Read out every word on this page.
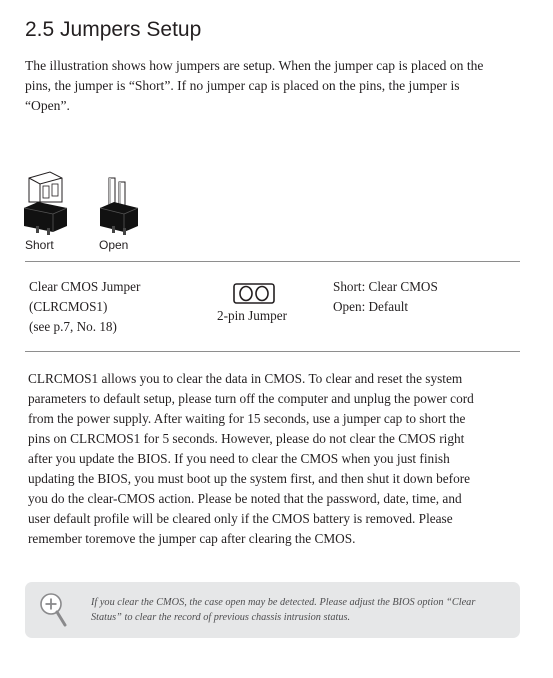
2.5 Jumpers Setup

The illustration shows how jumpers are setup. When the jumper cap is placed on the pins, the jumper is “Short”. If no jumper cap is placed on the pins, the jumper is “Open”.

Short	Open
Clear CMOS Jumper
(CLRCMOS1)
(see p.7, No. 18)
2-pin Jumper
Short: Clear CMOS
Open: Default

CLRCMOS1 allows you to clear the data in CMOS. To clear and reset the system parameters to default setup, please turn off the computer and unplug the power cord from the power supply. After waiting for 15 seconds, use a jumper cap to short the pins on CLRCMOS1 for 5 seconds. However, please do not clear the CMOS right after you update the BIOS. If you need to clear the CMOS when you just finish updating the BIOS, you must boot up the system first, and then shut it down before you do the clear-CMOS action. Please be noted that the password, date, time, and user default profile will be cleared only if the CMOS battery is removed. Please remember toremove the jumper cap after clearing the CMOS.

If you clear the CMOS, the case open may be detected. Please adjust the BIOS option “Clear Status” to clear the record of previous chassis intrusion status.
